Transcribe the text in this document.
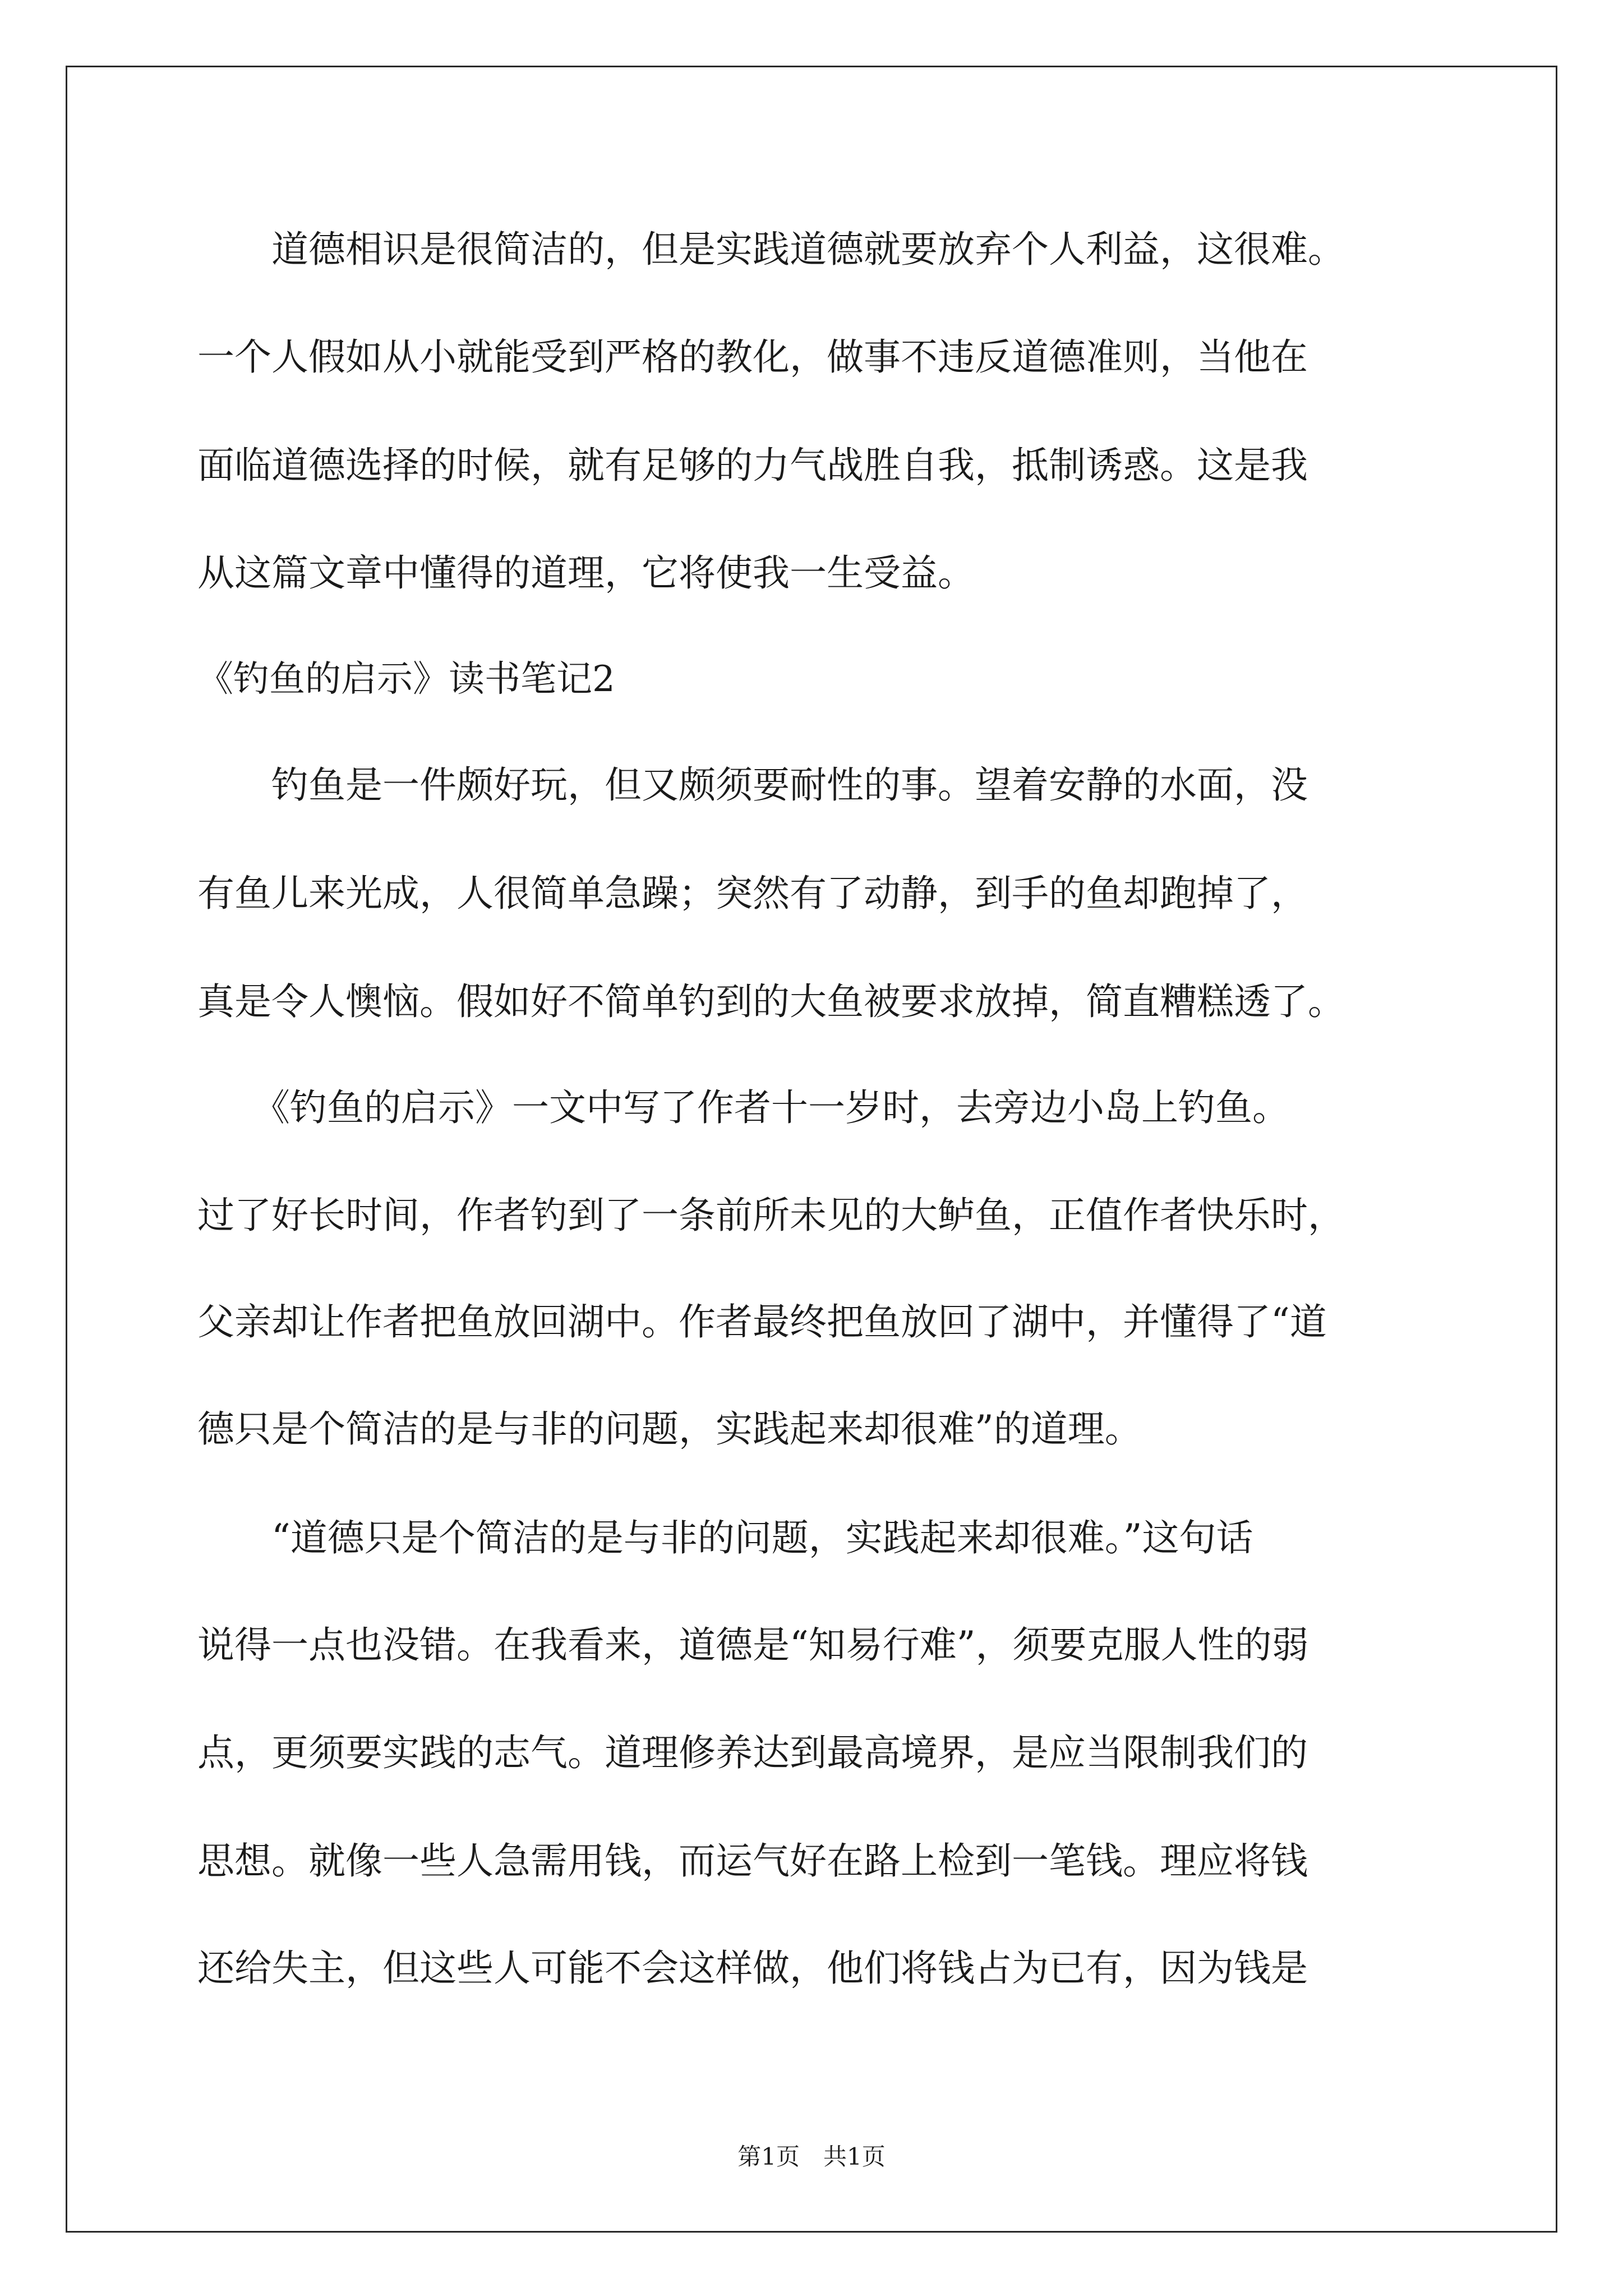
　　道德相识是很简洁的，但是实践道德就要放弃个人利益，这很难。
一个人假如从小就能受到严格的教化，做事不违反道德准则，当他在
面临道德选择的时候，就有足够的力气战胜自我，抵制诱惑。这是我
从这篇文章中懂得的道理，它将使我一生受益。
《钓鱼的启示》读书笔记2
　　钓鱼是一件颇好玩，但又颇须要耐性的事。望着安静的水面，没
有鱼儿来光成，人很简单急躁；突然有了动静，到手的鱼却跑掉了，
真是令人懊恼。假如好不简单钓到的大鱼被要求放掉，简直糟糕透了。
　　《钓鱼的启示》一文中写了作者十一岁时，去旁边小岛上钓鱼。
过了好长时间，作者钓到了一条前所未见的大鲈鱼，正值作者快乐时，
父亲却让作者把鱼放回湖中。作者最终把鱼放回了湖中，并懂得了“道
德只是个简洁的是与非的问题，实践起来却很难”的道理。
　　“道德只是个简洁的是与非的问题，实践起来却很难。”这句话
说得一点也没错。在我看来，道德是“知易行难”，须要克服人性的弱
点，更须要实践的志气。道理修养达到最高境界，是应当限制我们的
思想。就像一些人急需用钱，而运气好在路上检到一笔钱。理应将钱
还给失主，但这些人可能不会这样做，他们将钱占为已有，因为钱是
第1页　共1页
